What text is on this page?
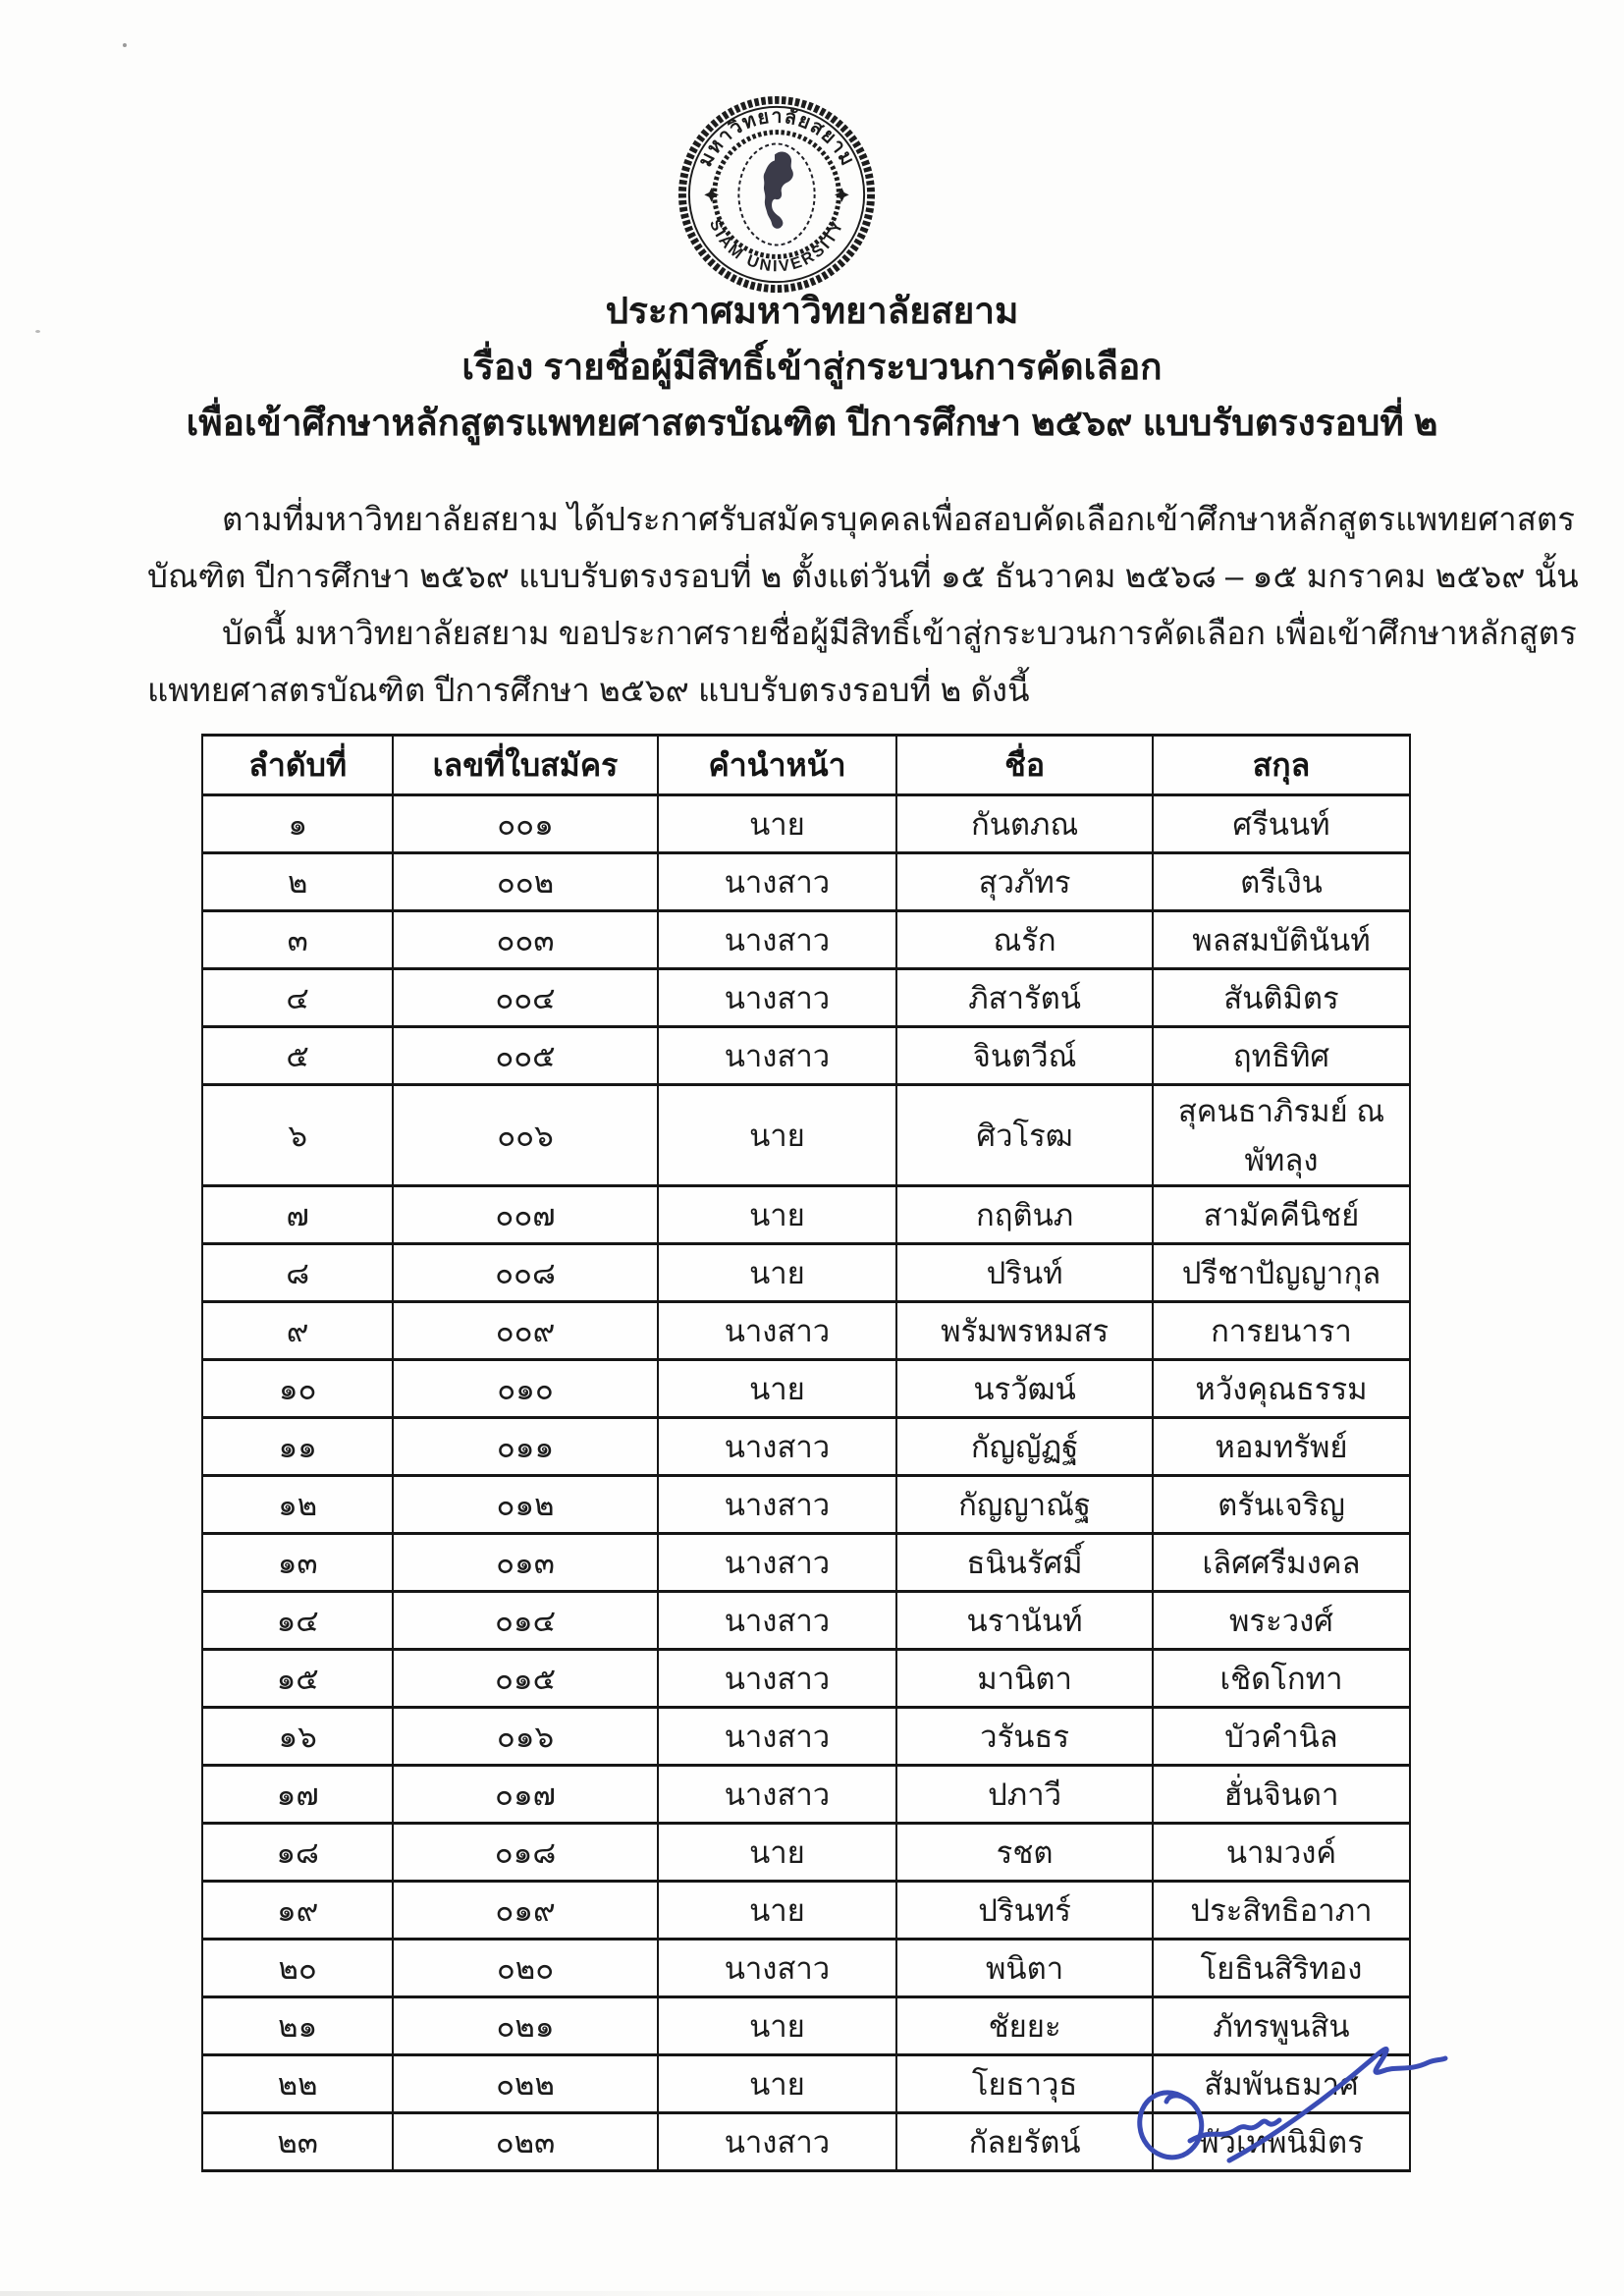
มหาวิทยาลัยสยาม
SIAM UNIVERSITY
ประกาศมหาวิทยาลัยสยาม
เรื่อง รายชื่อผู้มีสิทธิ์เข้าสู่กระบวนการคัดเลือก
เพื่อเข้าศึกษาหลักสูตรแพทยศาสตรบัณฑิต ปีการศึกษา ๒๕๖๙ แบบรับตรงรอบที่ ๒
ตามที่มหาวิทยาลัยสยาม ได้ประกาศรับสมัครบุคคลเพื่อสอบคัดเลือกเข้าศึกษาหลักสูตรแพทยศาสตร
บัณฑิต ปีการศึกษา ๒๕๖๙ แบบรับตรงรอบที่ ๒ ตั้งแต่วันที่ ๑๕ ธันวาคม ๒๕๖๘ – ๑๕ มกราคม ๒๕๖๙ นั้น
บัดนี้ มหาวิทยาลัยสยาม ขอประกาศรายชื่อผู้มีสิทธิ์เข้าสู่กระบวนการคัดเลือก เพื่อเข้าศึกษาหลักสูตร
แพทยศาสตรบัณฑิต ปีการศึกษา ๒๕๖๙ แบบรับตรงรอบที่ ๒ ดังนี้
ลำดับที่	เลขที่ใบสมัคร	คำนำหน้า	ชื่อ	สกุล
๑	๐๐๑	นาย	กันตภณ	ศรีนนท์
๒	๐๐๒	นางสาว	สุวภัทร	ตรีเงิน
๓	๐๐๓	นางสาว	ณรัก	พลสมบัตินันท์
๔	๐๐๔	นางสาว	ภิสารัตน์	สันติมิตร
๕	๐๐๕	นางสาว	จินตวีณ์	ฤทธิทิศ
๖	๐๐๖	นาย	ศิวโรฒ	สุคนธาภิรมย์ ณ พัทลุง
๗	๐๐๗	นาย	กฤตินภ	สามัคคีนิชย์
๘	๐๐๘	นาย	ปรินท์	ปรีชาปัญญากุล
๙	๐๐๙	นางสาว	พรัมพรหมสร	การยนารา
๑๐	๐๑๐	นาย	นรวัฒน์	หวังคุณธรรม
๑๑	๐๑๑	นางสาว	กัญญัฏฐ์	หอมทรัพย์
๑๒	๐๑๒	นางสาว	กัญญาณัฐ	ตรันเจริญ
๑๓	๐๑๓	นางสาว	ธนินรัศมิ์	เลิศศรีมงคล
๑๔	๐๑๔	นางสาว	นรานันท์	พระวงศ์
๑๕	๐๑๕	นางสาว	มานิตา	เชิดโกทา
๑๖	๐๑๖	นางสาว	วรันธร	บัวคำนิล
๑๗	๐๑๗	นางสาว	ปภาวี	ฮั่นจินดา
๑๘	๐๑๘	นาย	รชต	นามวงค์
๑๙	๐๑๙	นาย	ปรินทร์	ประสิทธิอาภา
๒๐	๐๒๐	นางสาว	พนิตา	โยธินสิริทอง
๒๑	๐๒๑	นาย	ชัยยะ	ภัทรพูนสิน
๒๒	๐๒๒	นาย	โยธาวุธ	สัมพันธมาศ
๒๓	๐๒๓	นางสาว	กัลยรัตน์	พัวเทพนิมิตร
